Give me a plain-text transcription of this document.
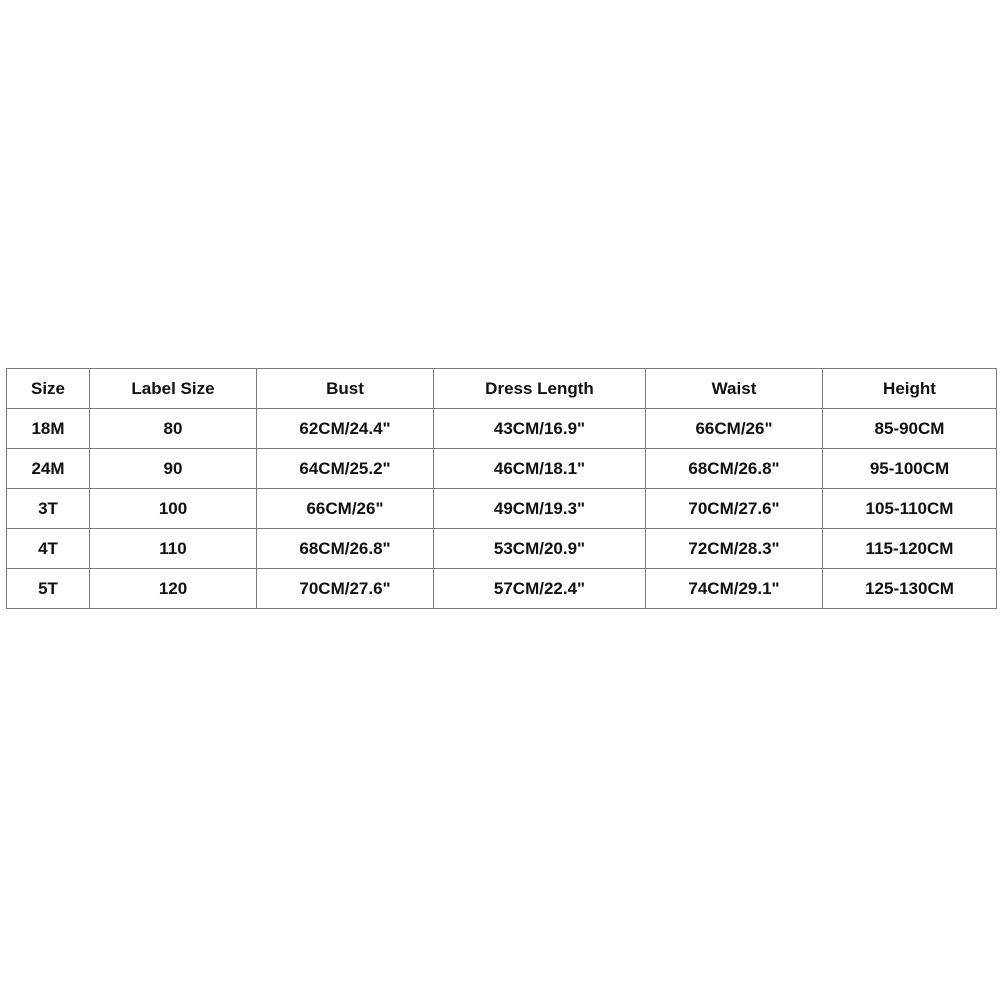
Size	Label Size	Bust	Dress Length	Waist	Height
18M	80	62CM/24.4"	43CM/16.9"	66CM/26"	85-90CM
24M	90	64CM/25.2"	46CM/18.1"	68CM/26.8"	95-100CM
3T	100	66CM/26"	49CM/19.3"	70CM/27.6"	105-110CM
4T	110	68CM/26.8"	53CM/20.9"	72CM/28.3"	115-120CM
5T	120	70CM/27.6"	57CM/22.4"	74CM/29.1"	125-130CM
